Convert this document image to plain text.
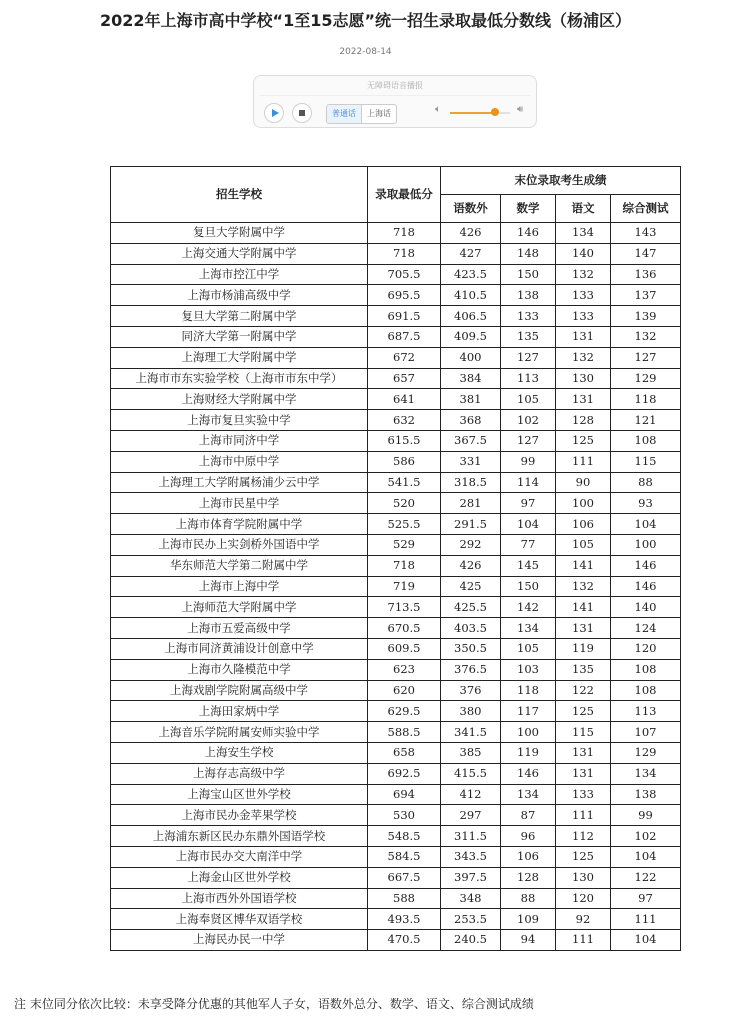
2022年上海市高中学校“1至15志愿”统一招生录取最低分数线（杨浦区）
2022-08-14
无障碍语音播报
普通话	上海话	🔈︎	🔊︎
招生学校	录取最低分	末位录取考生成绩			
		语数外	数学	语文	综合测试
复旦大学附属中学	718	426	146	134	143
上海交通大学附属中学	718	427	148	140	147
上海市控江中学	705.5	423.5	150	132	136
上海市杨浦高级中学	695.5	410.5	138	133	137
复旦大学第二附属中学	691.5	406.5	133	133	139
同济大学第一附属中学	687.5	409.5	135	131	132
上海理工大学附属中学	672	400	127	132	127
上海市市东实验学校（上海市市东中学）	657	384	113	130	129
上海财经大学附属中学	641	381	105	131	118
上海市复旦实验中学	632	368	102	128	121
上海市同济中学	615.5	367.5	127	125	108
上海市中原中学	586	331	99	111	115
上海理工大学附属杨浦少云中学	541.5	318.5	114	90	88
上海市民星中学	520	281	97	100	93
上海市体育学院附属中学	525.5	291.5	104	106	104
上海市民办上实剑桥外国语中学	529	292	77	105	100
华东师范大学第二附属中学	718	426	145	141	146
上海市上海中学	719	425	150	132	146
上海师范大学附属中学	713.5	425.5	142	141	140
上海市五爱高级中学	670.5	403.5	134	131	124
上海市同济黄浦设计创意中学	609.5	350.5	105	119	120
上海市久隆模范中学	623	376.5	103	135	108
上海戏剧学院附属高级中学	620	376	118	122	108
上海田家炳中学	629.5	380	117	125	113
上海音乐学院附属安师实验中学	588.5	341.5	100	115	107
上海安生学校	658	385	119	131	129
上海存志高级中学	692.5	415.5	146	131	134
上海宝山区世外学校	694	412	134	133	138
上海市民办金苹果学校	530	297	87	111	99
上海浦东新区民办东鼎外国语学校	548.5	311.5	96	112	102
上海市民办交大南洋中学	584.5	343.5	106	125	104
上海金山区世外学校	667.5	397.5	128	130	122
上海市西外外国语学校	588	348	88	120	97
上海奉贤区博华双语学校	493.5	253.5	109	92	111
上海民办民一中学	470.5	240.5	94	111	104
注 末位同分依次比较：未享受降分优惠的其他军人子女，语数外总分、数学、语文、综合测试成绩
